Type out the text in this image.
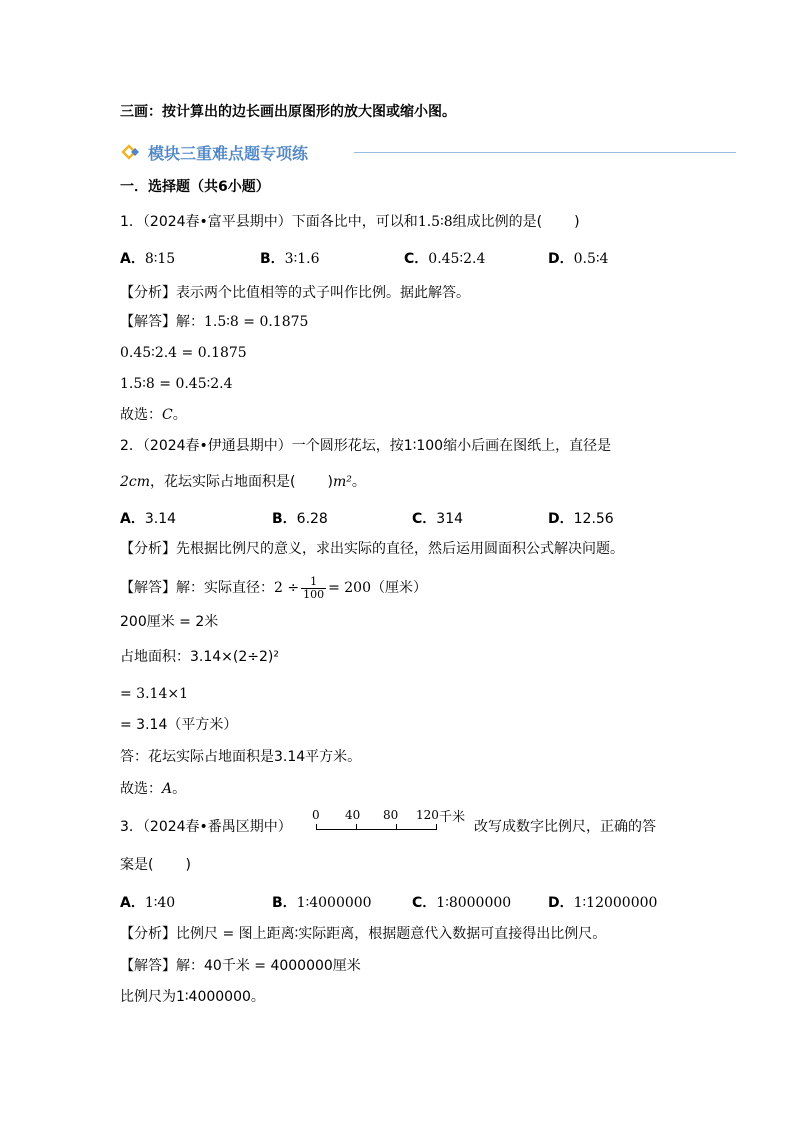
三画：按计算出的边长画出原图形的放大图或缩小图。
模块三重难点题专项练
一．选择题（共6小题）
1．（2024春•富平县期中）下面各比中，可以和1.5∶8组成比例的是( )
A．8∶15	B．3∶1.6	C．0.45∶2.4	D．0.5∶4
【分析】表示两个比值相等的式子叫作比例。据此解答。
【解答】解：1.5∶8 = 0.1875
0.45∶2.4 = 0.1875
1.5∶8 = 0.45∶2.4
故选：C。
2．（2024春•伊通县期中）一个圆形花坛，按1∶100缩小后画在图纸上，直径是
2cm，花坛实际占地面积是( )m²。
A．3.14	B．6.28	C．314	D．12.56
【分析】先根据比例尺的意义，求出实际的直径，然后运用圆面积公式解决问题。
【解答】解：实际直径：$2 \div \frac{1}{100} = 200$（厘米）
200厘米 = 2米
占地面积：3.14×(2÷2)²
= 3.14×1
= 3.14（平方米）
答：花坛实际占地面积是3.14平方米。
故选：A。
3．（2024春•番禺区期中）
0 40 80 120 千米
改写成数字比例尺，正确的答
案是( )
A．1∶40	B．1∶4000000	C．1∶8000000	D．1∶12000000
【分析】比例尺 = 图上距离∶实际距离，根据题意代入数据可直接得出比例尺。
【解答】解：40千米 = 4000000厘米
比例尺为1∶4000000。
